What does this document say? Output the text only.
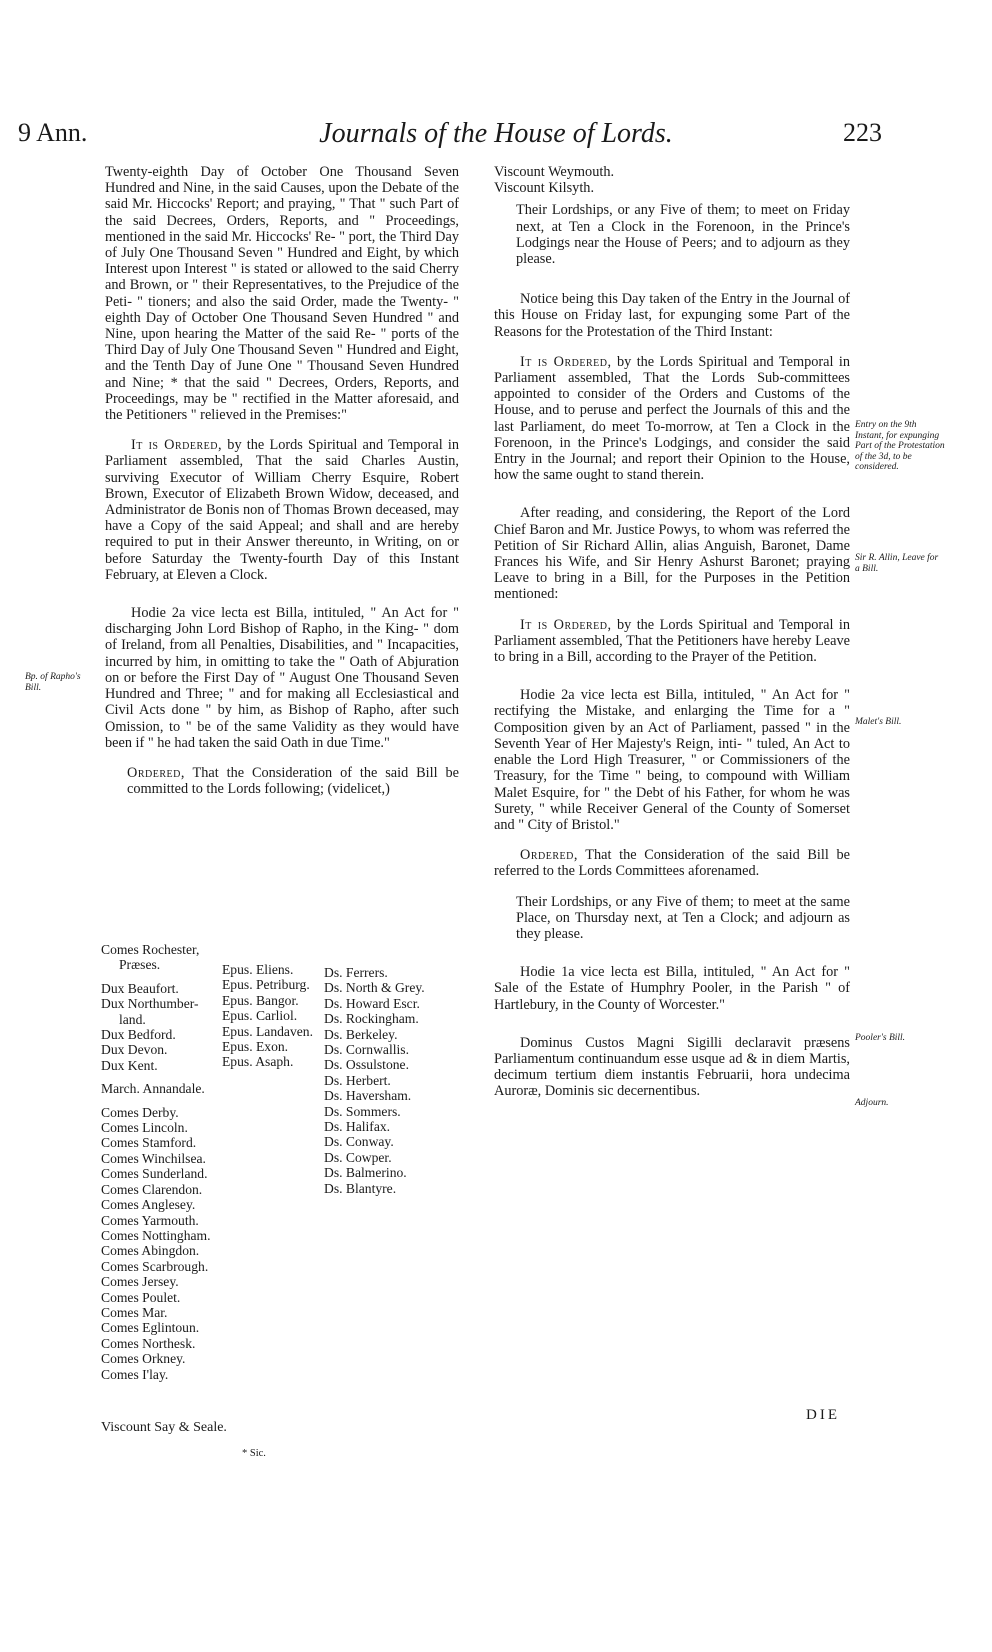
9 Ann.	Journals of the House of Lords.	223

Twenty-eighth Day of October One Thousand Seven Hundred and Nine, in the said Causes, upon the Debate of the said Mr. Hiccocks' Report; and praying, " That " such Part of the said Decrees, Orders, Reports, and " Proceedings, mentioned in the said Mr. Hiccocks' Re- " port, the Third Day of July One Thousand Seven " Hundred and Eight, by which Interest upon Interest " is stated or allowed to the said Cherry and Brown, or " their Representatives, to the Prejudice of the Peti- " tioners; and also the said Order, made the Twenty- " eighth Day of October One Thousand Seven Hundred " and Nine, upon hearing the Matter of the said Re- " ports of the Third Day of July One Thousand Seven " Hundred and Eight, and the Tenth Day of June One " Thousand Seven Hundred and Nine; * that the said " Decrees, Orders, Reports, and Proceedings, may be " rectified in the Matter aforesaid, and the Petitioners " relieved in the Premises:"

It is Ordered, by the Lords Spiritual and Temporal in Parliament assembled, That the said Charles Austin, surviving Executor of William Cherry Esquire, Robert Brown, Executor of Elizabeth Brown Widow, deceased, and Administrator de Bonis non of Thomas Brown deceased, may have a Copy of the said Appeal; and shall and are hereby required to put in their Answer thereunto, in Writing, on or before Saturday the Twenty-fourth Day of this Instant February, at Eleven a Clock.

Hodie 2a vice lecta est Billa, intituled, " An Act for " discharging John Lord Bishop of Rapho, in the King- " dom of Ireland, from all Penalties, Disabilities, and " Incapacities, incurred by him, in omitting to take the " Oath of Abjuration on or before the First Day of " August One Thousand Seven Hundred and Three; " and for making all Ecclesiastical and Civil Acts done " by him, as Bishop of Rapho, after such Omission, to " be of the same Validity as they would have been if " he had taken the said Oath in due Time."

Ordered, That the Consideration of the said Bill be committed to the Lords following; (videlicet,)

Comes Rochester,
Præses.
Dux Beaufort.
Dux Northumber-
land.
Dux Bedford.
Dux Devon.
Dux Kent.
March. Annandale.
Comes Derby.
Comes Lincoln.
Comes Stamford.
Comes Winchilsea.
Comes Sunderland.
Comes Clarendon.
Comes Anglesey.
Comes Yarmouth.
Comes Nottingham.
Comes Abingdon.
Comes Scarbrough.
Comes Jersey.
Comes Poulet.
Comes Mar.
Comes Eglintoun.
Comes Northesk.
Comes Orkney.
Comes I'lay.
Epus. Eliens.
Epus. Petriburg.
Epus. Bangor.
Epus. Carliol.
Epus. Landaven.
Epus. Exon.
Epus. Asaph.
Ds. Ferrers.
Ds. North & Grey.
Ds. Howard Escr.
Ds. Rockingham.
Ds. Berkeley.
Ds. Cornwallis.
Ds. Ossulstone.
Ds. Herbert.
Ds. Haversham.
Ds. Sommers.
Ds. Halifax.
Ds. Conway.
Ds. Cowper.
Ds. Balmerino.
Ds. Blantyre.
Viscount Say & Seale.
* Sic.
Viscount Weymouth.
Viscount Kilsyth.

Their Lordships, or any Five of them; to meet on Friday next, at Ten a Clock in the Forenoon, in the Prince's Lodgings near the House of Peers; and to adjourn as they please.

Notice being this Day taken of the Entry in the Journal of this House on Friday last, for expunging some Part of the Reasons for the Protestation of the Third Instant:

It is Ordered, by the Lords Spiritual and Temporal in Parliament assembled, That the Lords Sub-committees appointed to consider of the Orders and Customs of the House, and to peruse and perfect the Journals of this and the last Parliament, do meet To-morrow, at Ten a Clock in the Forenoon, in the Prince's Lodgings, and consider the said Entry in the Journal; and report their Opinion to the House, how the same ought to stand therein.

After reading, and considering, the Report of the Lord Chief Baron and Mr. Justice Powys, to whom was referred the Petition of Sir Richard Allin, alias Anguish, Baronet, Dame Frances his Wife, and Sir Henry Ashurst Baronet; praying Leave to bring in a Bill, for the Purposes in the Petition mentioned:

It is Ordered, by the Lords Spiritual and Temporal in Parliament assembled, That the Petitioners have hereby Leave to bring in a Bill, according to the Prayer of the Petition.

Hodie 2a vice lecta est Billa, intituled, " An Act for " rectifying the Mistake, and enlarging the Time for a " Composition given by an Act of Parliament, passed " in the Seventh Year of Her Majesty's Reign, inti- " tuled, An Act to enable the Lord High Treasurer, " or Commissioners of the Treasury, for the Time " being, to compound with William Malet Esquire, for " the Debt of his Father, for whom he was Surety, " while Receiver General of the County of Somerset and " City of Bristol."

Ordered, That the Consideration of the said Bill be referred to the Lords Committees aforenamed.

Their Lordships, or any Five of them; to meet at the same Place, on Thursday next, at Ten a Clock; and adjourn as they please.

Hodie 1a vice lecta est Billa, intituled, " An Act for " Sale of the Estate of Humphry Pooler, in the Parish " of Hartlebury, in the County of Worcester."

Dominus Custos Magni Sigilli declaravit præsens Parliamentum continuandum esse usque ad & in diem Martis, decimum tertium diem instantis Februarii, hora undecima Auroræ, Dominis sic decernentibus.

Bp. of Rapho's Bill.
Entry on the 9th Instant, for expunging Part of the Protestation of the 3d, to be considered.
Sir R. Allin, Leave for a Bill.
Malet's Bill.
Pooler's Bill.
Adjourn.
DIE
